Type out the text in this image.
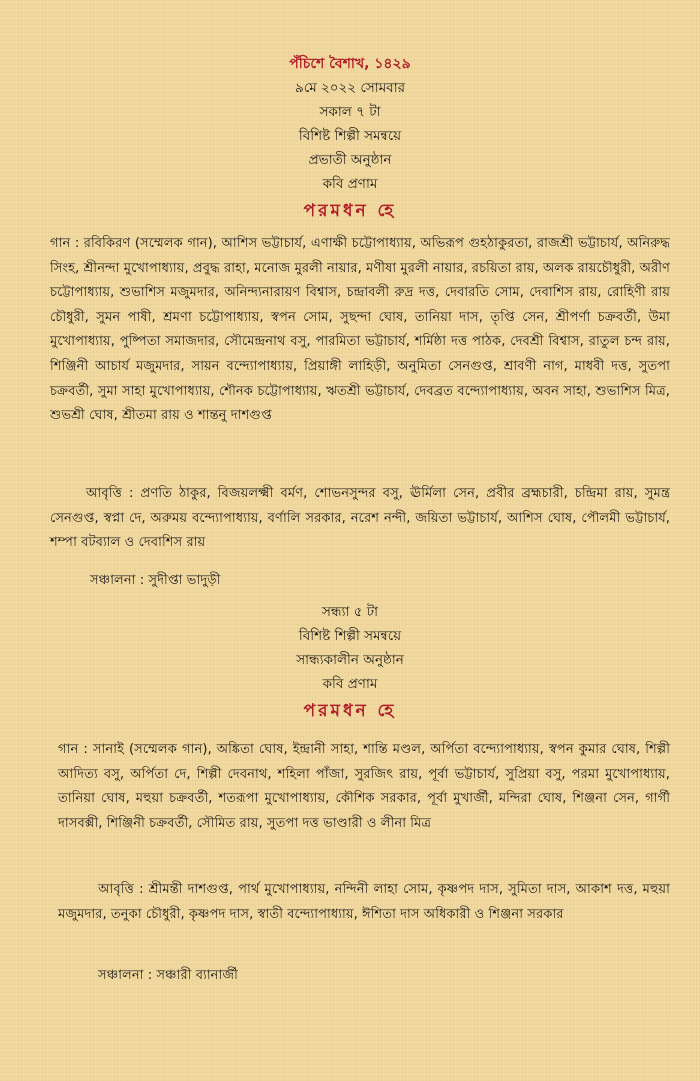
পঁচিশে বৈশাখ, ১৪২৯
৯মে ২০২২ সোমবার
সকাল ৭ টা
বিশিষ্ট শিল্পী সমন্বয়ে
প্রভাতী অনুষ্ঠান
কবি প্রণাম
পরমধন হে
গান : রবিকিরণ (সম্মেলক গান), আশিস ভট্টাচার্য, এণাক্ষী চট্টোপাধ্যায়, অভিরূপ গুহঠাকুরতা, রাজশ্রী ভট্টাচার্য, অনিরুদ্ধ সিংহ, শ্রীনন্দা মুখোপাধ্যায়, প্রবুদ্ধ রাহা, মনোজ মুরলী নায়ার, মণীষা মুরলী নায়ার, রচয়িতা রায়, অলক রায়চৌধুরী, অরীণ চট্টোপাধ্যায়, শুভাশিস মজুমদার, অনিন্দ্যনারায়ণ বিশ্বাস, চন্দ্রাবলী রুদ্র দত্ত, দেবারতি সোম, দেবাশিস রায়, রোহিণী রায় চৌধুরী, সুমন পাষী, শ্রমণা চট্টোপাধ্যায়, স্বপন সোম, সুছন্দা ঘোষ, তানিয়া দাস, তৃপ্তি সেন, শ্রীপর্ণা চক্রবর্তী, উমা মুখোপাধ্যায়, পুষ্পিতা সমাজদার, সৌমেন্দ্রনাথ বসু, পারমিতা ভট্টাচার্য, শর্মিষ্ঠা দত্ত পাঠক, দেবশ্রী বিশ্বাস, রাতুল চন্দ রায়, শিঞ্জিনী আচার্য মজুমদার, সায়ন বন্দ্যোপাধ্যায়, প্রিয়াঙ্গী লাহিড়ী, অনুমিতা সেনগুপ্ত, শ্রাবণী নাগ, মাধবী দত্ত, সুতপা চক্রবর্তী, সুমা সাহা মুখোপাধ্যায়, শৌনক চট্টোপাধ্যায়, ঋতশ্রী ভট্টাচার্য, দেবব্রত বন্দ্যোপাধ্যায়, অবন সাহা, শুভাশিস মিত্র, শুভশ্রী ঘোষ, শ্রীতমা রায় ও শান্তনু দাশগুপ্ত
আবৃত্তি : প্রণতি ঠাকুর, বিজয়লক্ষ্মী বর্মণ, শোভনসুন্দর বসু, ঊর্মিলা সেন, প্রবীর ব্রহ্মচারী, চন্দ্রিমা রায়, সুমন্ত্র সেনগুপ্ত, স্বপ্না দে, অরুময় বন্দ্যোপাধ্যায়, বর্ণালি সরকার, নরেশ নন্দী, জয়িতা ভট্টাচার্য, আশিস ঘোষ, পৌলমী ভট্টাচার্য, শম্পা বটব্যাল ও দেবাশিস রায়
সঞ্চালনা : সুদীপ্তা ভাদুড়ী
সন্ধ্যা ৫ টা
বিশিষ্ট শিল্পী সমন্বয়ে
সান্ধ্যকালীন অনুষ্ঠান
কবি প্রণাম
পরমধন হে
গান : সানাই (সম্মেলক গান), অঙ্কিতা ঘোষ, ইন্দ্রানী সাহা, শান্তি মণ্ডল, অর্পিতা বন্দ্যোপাধ্যায়, স্বপন কুমার ঘোষ, শিল্পী আদিত্য বসু, অর্পিতা দে, শিল্পী দেবনাথ, শহিলা পাঁজা, সুরজিৎ রায়, পূর্বা ভট্টাচার্য, সুপ্রিয়া বসু, পরমা মুখোপাধ্যায়, তানিয়া ঘোষ, মহুয়া চক্রবর্তী, শতরূপা মুখোপাধ্যায়, কৌশিক সরকার, পূর্বা মুখার্জী, মন্দিরা ঘোষ, শিঞ্জনা সেন, গার্গী দাসবক্সী, শিঞ্জিনী চক্রবর্তী, সৌমিত রায়, সুতপা দত্ত ভাণ্ডারী ও লীনা মিত্র
আবৃত্তি : শ্রীমন্তী দাশগুপ্ত, পার্থ মুখোপাধ্যায়, নন্দিনী লাহা সোম, কৃষ্ণপদ দাস, সুমিতা দাস, আকাশ দত্ত, মহুয়া মজুমদার, তনুকা চৌধুরী, কৃষ্ণপদ দাস, স্বাতী বন্দ্যোপাধ্যায়, ঈশিতা দাস অধিকারী ও শিঞ্জনা সরকার
সঞ্চালনা : সঞ্চারী ব্যানার্জী
